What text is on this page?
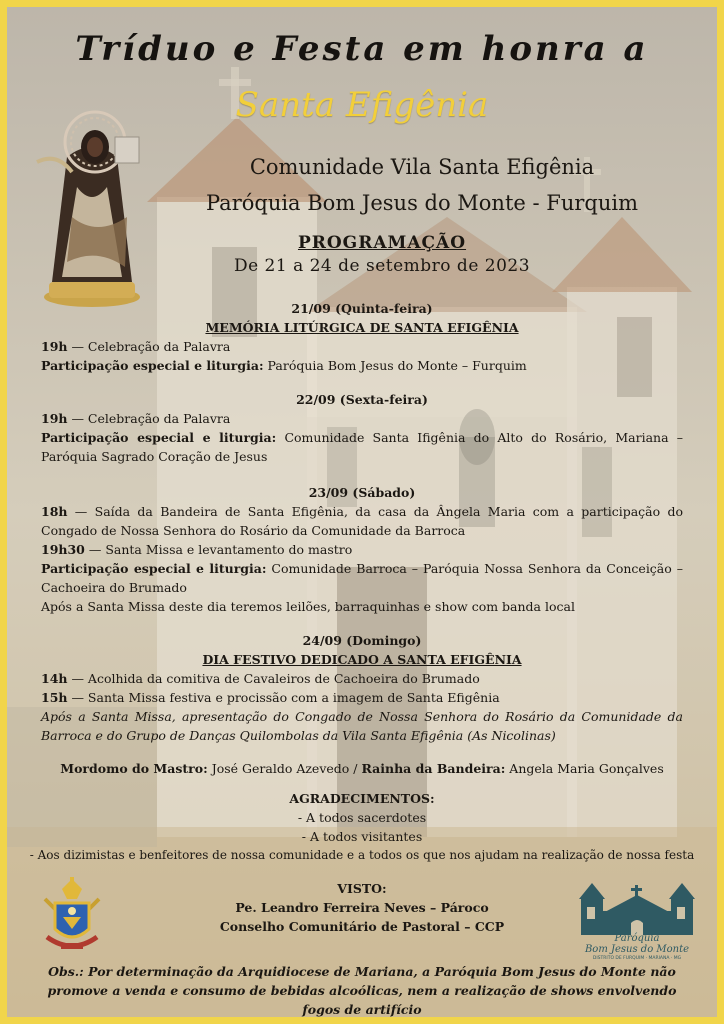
Paróquia
Bom Jesus do Monte
DISTRITO DE FURQUIM · MARIANA · MG
Tríduo e Festa em honra a
Santa Efigênia
Comunidade Vila Santa Efigênia
Paróquia Bom Jesus do Monte - Furquim
PROGRAMAÇÃO
De 21 a 24 de setembro de 2023
21/09 (Quinta-feira)
MEMÓRIA LITÚRGICA DE SANTA EFIGÊNIA
19h — Celebração da Palavra
Participação especial e liturgia: Paróquia Bom Jesus do Monte – Furquim
22/09 (Sexta-feira)
19h — Celebração da Palavra
Participação especial e liturgia: Comunidade Santa Ifigênia do Alto do Rosário, Mariana – Paróquia Sagrado Coração de Jesus
23/09 (Sábado)
18h — Saída da Bandeira de Santa Efigênia, da casa da Ângela Maria com a participação do Congado de Nossa Senhora do Rosário da Comunidade da Barroca
19h30 — Santa Missa e levantamento do mastro
Participação especial e liturgia: Comunidade Barroca – Paróquia Nossa Senhora da Conceição – Cachoeira do Brumado
Após a Santa Missa deste dia teremos leilões, barraquinhas e show com banda local
24/09 (Domingo)
DIA FESTIVO DEDICADO A SANTA EFIGÊNIA
14h — Acolhida da comitiva de Cavaleiros de Cachoeira do Brumado
15h — Santa Missa festiva e procissão com a imagem de Santa Efigênia
Após a Santa Missa, apresentação do Congado de Nossa Senhora do Rosário da Comunidade da Barroca e do Grupo de Danças Quilombolas da Vila Santa Efigênia (As Nicolinas)
Mordomo do Mastro: José Geraldo Azevedo / Rainha da Bandeira: Angela Maria Gonçalves
AGRADECIMENTOS:
- A todos sacerdotes
- A todos visitantes
- Aos dizimistas e benfeitores de nossa comunidade e a todos os que nos ajudam na realização de nossa festa
VISTO:
Pe. Leandro Ferreira Neves – Pároco
Conselho Comunitário de Pastoral – CCP
Obs.: Por determinação da Arquidiocese de Mariana, a Paróquia Bom Jesus do Monte não promove a venda e consumo de bebidas alcoólicas, nem a realização de shows envolvendo fogos de artifício
